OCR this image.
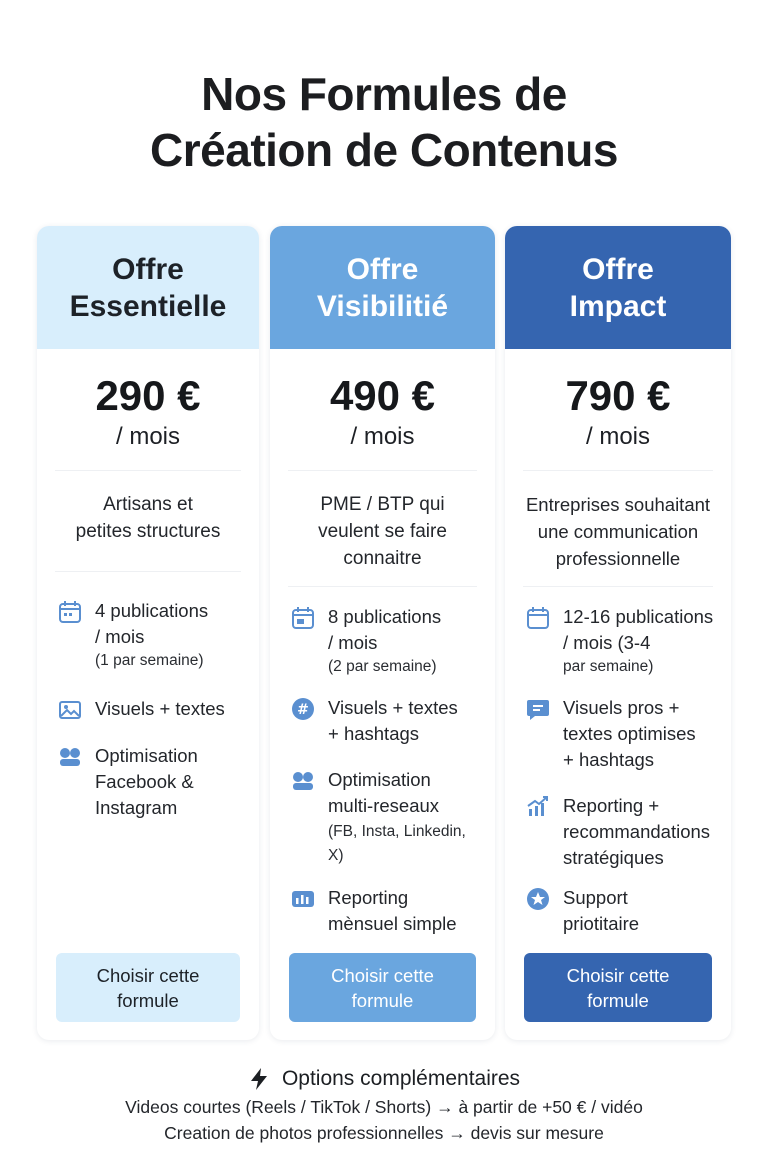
Nos Formules de
Création de Contenus
Offre
Essentielle
290 €
/ mois
Artisans et
petites structures
4 publications
/ mois
(1 par semaine)
Visuels + textes
Optimisation
Facebook &
Instagram
Choisir cette
formule
Offre
Visibilitié
490 €
/ mois
PME / BTP qui
veulent se faire
connaitre
8 publications
/ mois
(2 par semaine)
# Visuels + textes
+ hashtags
Optimisation
multi-reseaux
(FB, Insta, Linkedin,
X)
Reporting
mènsuel simple
Choisir cette
formule
Offre
Impact
790 €
/ mois
Entreprises souhaitant
une communication
professionnelle
12-16 publications
/ mois (3-4
par semaine)
Visuels pros +
textes optimises
+ hashtags
Reporting +
recommandations
stratégiques
Support
priotitaire
Choisir cette
formule
Options complémentaires
Videos courtes (Reels / TikTok / Shorts) → à partir de +50 € / vidéo
Creation de photos professionnelles → devis sur mesure
